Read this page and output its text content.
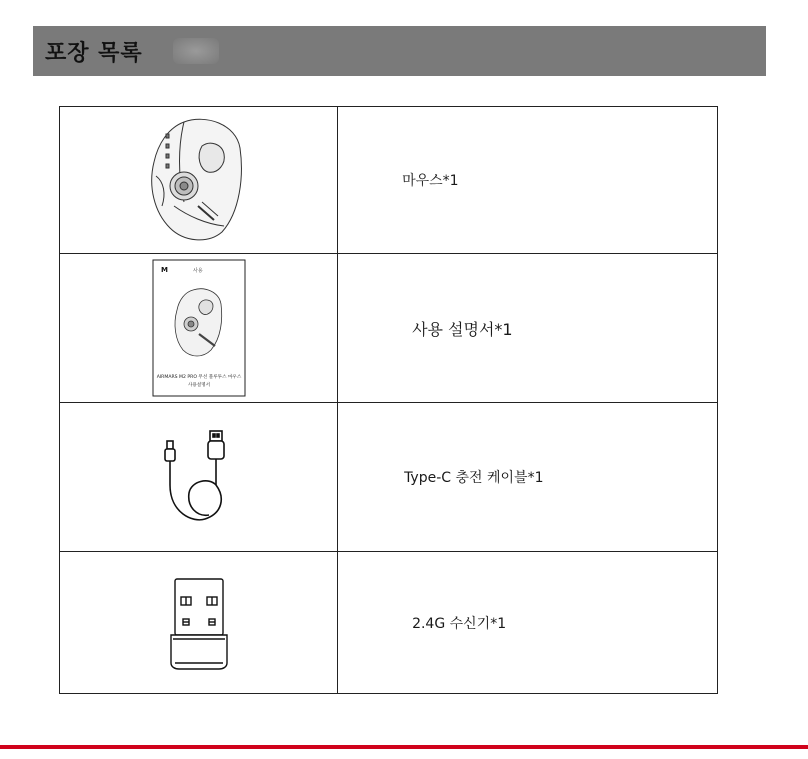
포장 목록
	마우스*1

M 사용
AIRMARS M2 PRO 무선 블루투스 마우스
사용설명서	사용 설명서*1

	Type-C 충전 케이블*1

	2.4G 수신기*1
